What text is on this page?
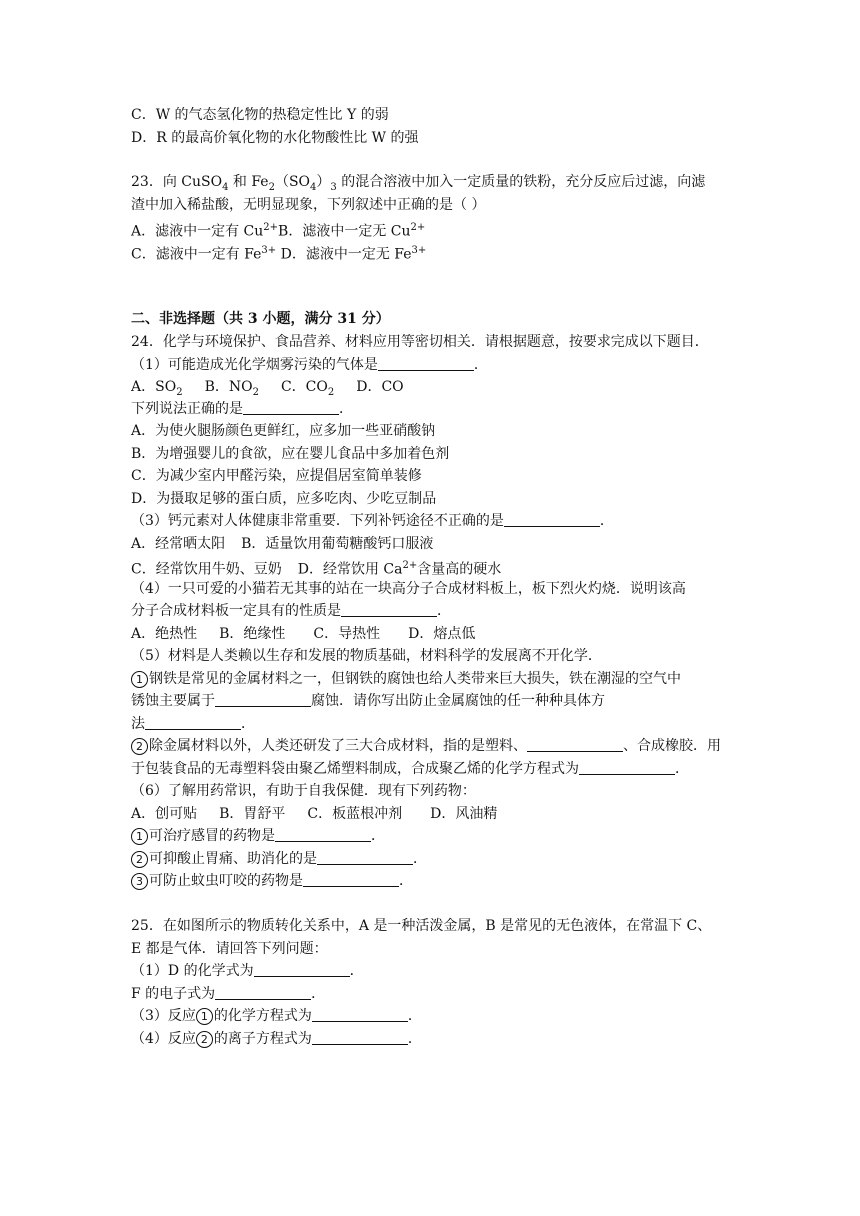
C．W 的气态氢化物的热稳定性比 Y 的弱
D．R 的最高价氧化物的水化物酸性比 W 的强
23．向 CuSO$_4$ 和 $Fe_2(SO_4)_3$ 的混合溶液中加入一定质量的铁粉，充分反应后过滤，向滤
渣中加入稀盐酸，无明显现象，下列叙述中正确的是（ ）
A．滤液中一定有 $Cu^{2+}B$．滤液中一定无 $Cu^{2+}$
C．滤液中一定有 $Fe^{3+}$ D．滤液中一定无 $Fe^{3+}$
二、非选择题（共 3 小题，满分 31 分）
24．化学与环境保护、食品营养、材料应用等密切相关．请根据题意，按要求完成以下题目．
（1）可能造成光化学烟雾污染的气体是	．
A．$SO_2$ B．$NO_2$ C．$CO_2$ D．CO
下列说法正确的是	．
A．为使火腿肠颜色更鲜红，应多加一些亚硝酸钠
B．为增强婴儿的食欲，应在婴儿食品中多加着色剂
C．为减少室内甲醛污染，应提倡居室简单装修
D．为摄取足够的蛋白质，应多吃肉、少吃豆制品
（3）钙元素对人体健康非常重要．下列补钙途径不正确的是	．
A．经常晒太阳 B．适量饮用葡萄糖酸钙口服液
C．经常饮用牛奶、豆奶 D．经常饮用 $Ca^{2+}$含量高的硬水
（4）一只可爱的小猫若无其事的站在一块高分子合成材料板上，板下烈火灼烧．说明该高
分子合成材料板一定具有的性质是	．
A．绝热性 B．绝缘性 C．导热性 D．熔点低
（5）材料是人类赖以生存和发展的物质基础，材料科学的发展离不开化学．
1 钢铁是常见的金属材料之一，但钢铁的腐蚀也给人类带来巨大损失，铁在潮湿的空气中
锈蚀主要属于	腐蚀．请你写出防止金属腐蚀的任一种种具体方
法	．
2 除金属材料以外，人类还研发了三大合成材料，指的是塑料、	、合成橡胶．用
于包装食品的无毒塑料袋由聚乙烯塑料制成，合成聚乙烯的化学方程式为	．
（6）了解用药常识，有助于自我保健．现有下列药物：
A．创可贴 B．胃舒平 C．板蓝根冲剂 D．风油精
1 可治疗感冒的药物是	．
2 可抑酸止胃痛、助消化的是	．
3 可防止蚊虫叮咬的药物是	．
25．在如图所示的物质转化关系中，A 是一种活泼金属，B 是常见的无色液体，在常温下 C、
E 都是气体．请回答下列问题：
（1）D 的化学式为	．
F 的电子式为	．
（3）反应 1 的化学方程式为	．
（4）反应 2 的离子方程式为	．
